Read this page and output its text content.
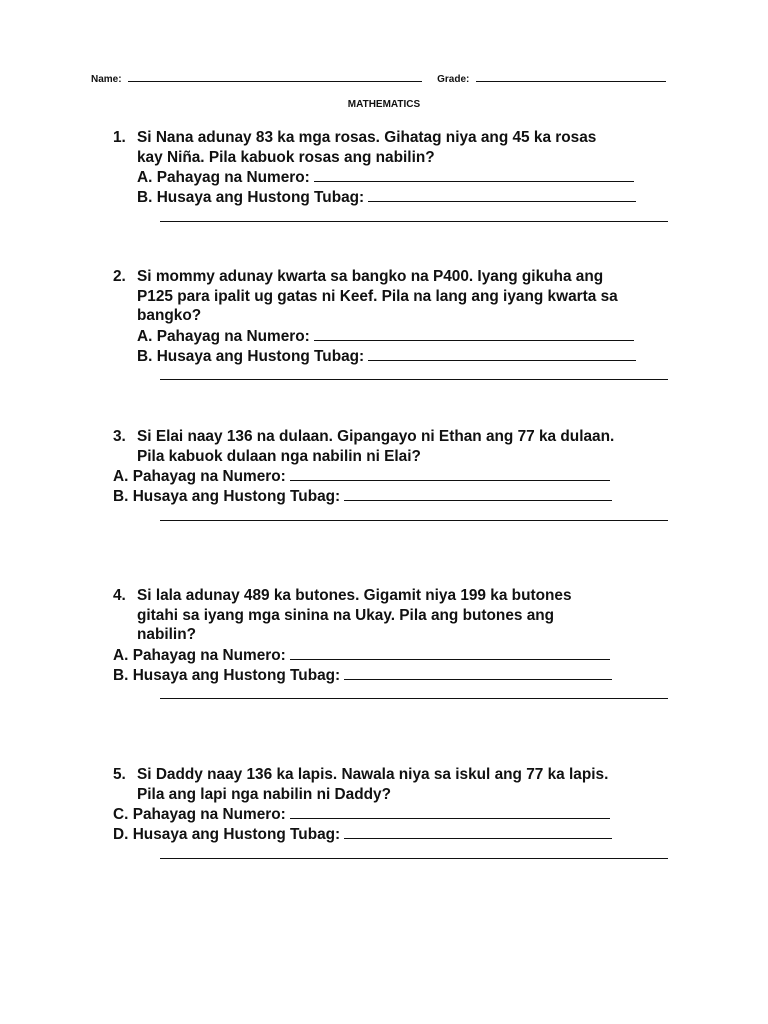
Name:	Grade:
MATHEMATICS
1. Si Nana adunay 83 ka mga rosas. Gihatag niya ang 45 ka rosas
kay Niña. Pila kabuok rosas ang nabilin?
A. Pahayag na Numero:
B. Husaya ang Hustong Tubag:
2. Si mommy adunay kwarta sa bangko na P400. Iyang gikuha ang
P125 para ipalit ug gatas ni Keef. Pila na lang ang iyang kwarta sa
bangko?
A. Pahayag na Numero:
B. Husaya ang Hustong Tubag:
3. Si Elai naay 136 na dulaan. Gipangayo ni Ethan ang 77 ka dulaan.
Pila kabuok dulaan nga nabilin ni Elai?
A. Pahayag na Numero:
B. Husaya ang Hustong Tubag:
4. Si lala adunay 489 ka butones. Gigamit niya 199 ka butones
gitahi sa iyang mga sinina na Ukay. Pila ang butones ang
nabilin?
A. Pahayag na Numero:
B. Husaya ang Hustong Tubag:
5. Si Daddy naay 136 ka lapis. Nawala niya sa iskul ang 77 ka lapis.
Pila ang lapi nga nabilin ni Daddy?
C. Pahayag na Numero:
D. Husaya ang Hustong Tubag:
